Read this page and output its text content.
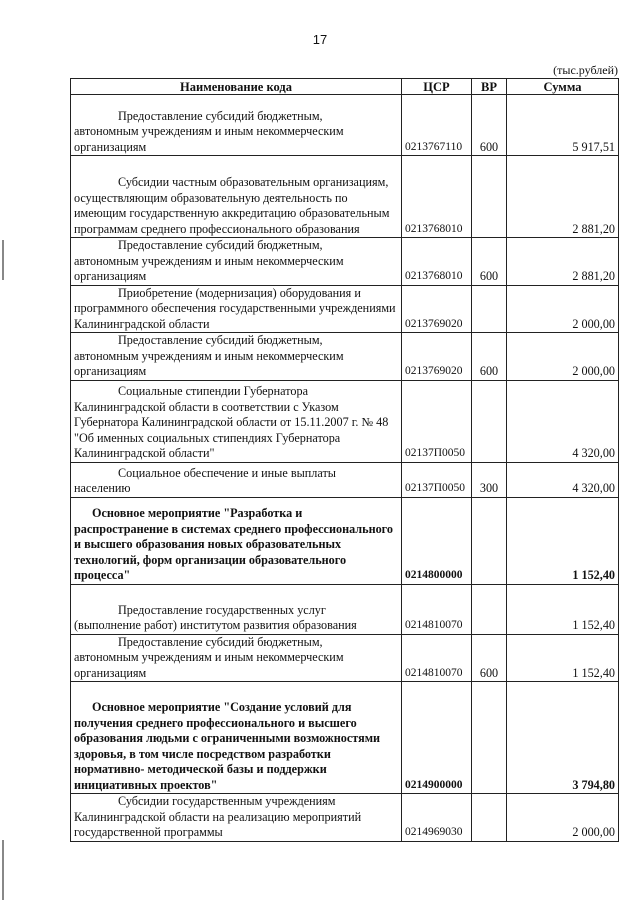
17
(тыс.рублей)
Наименование кода	ЦСР	ВР	Сумма

Предоставление субсидий бюджетным,
автономным учреждениям и иным некоммерческим организациям	0213767110	600	5 917,51

Субсидии частным образовательным организациям,
осуществляющим образовательную деятельность по имеющим государственную аккредитацию образовательным программам среднего профессионального образования	0213768010		2 881,20

Предоставление субсидий бюджетным,
автономным учреждениям и иным некоммерческим организациям	0213768010	600	2 881,20

Приобретение (модернизация) оборудования и
программного обеспечения государственными учреждениями Калининградской области	0213769020		2 000,00

Предоставление субсидий бюджетным,
автономным учреждениям и иным некоммерческим организациям	0213769020	600	2 000,00

Социальные стипендии Губернатора
Калининградской области в соответствии с Указом Губернатора Калининградской области от 15.11.2007 г. № 48 "Об именных социальных стипендиях Губернатора Калининградской области"	02137П0050		4 320,00

Социальное обеспечение и иные выплаты
населению	02137П0050	300	4 320,00

Основное мероприятие "Разработка и
распространение в системах среднего профессионального и высшего образования новых образовательных технологий, форм организации образовательного процесса"	0214800000		1 152,40

Предоставление государственных услуг
(выполнение работ) институтом развития образования	0214810070		1 152,40

Предоставление субсидий бюджетным,
автономным учреждениям и иным некоммерческим организациям	0214810070	600	1 152,40

Основное мероприятие "Создание условий для
получения среднего профессионального и высшего образования людьми с ограниченными возможностями здоровья, в том числе посредством разработки нормативно- методической базы и поддержки инициативных проектов"	0214900000		3 794,80

Субсидии государственным учреждениям
Калининградской области на реализацию мероприятий государственной программы	0214969030		2 000,00
